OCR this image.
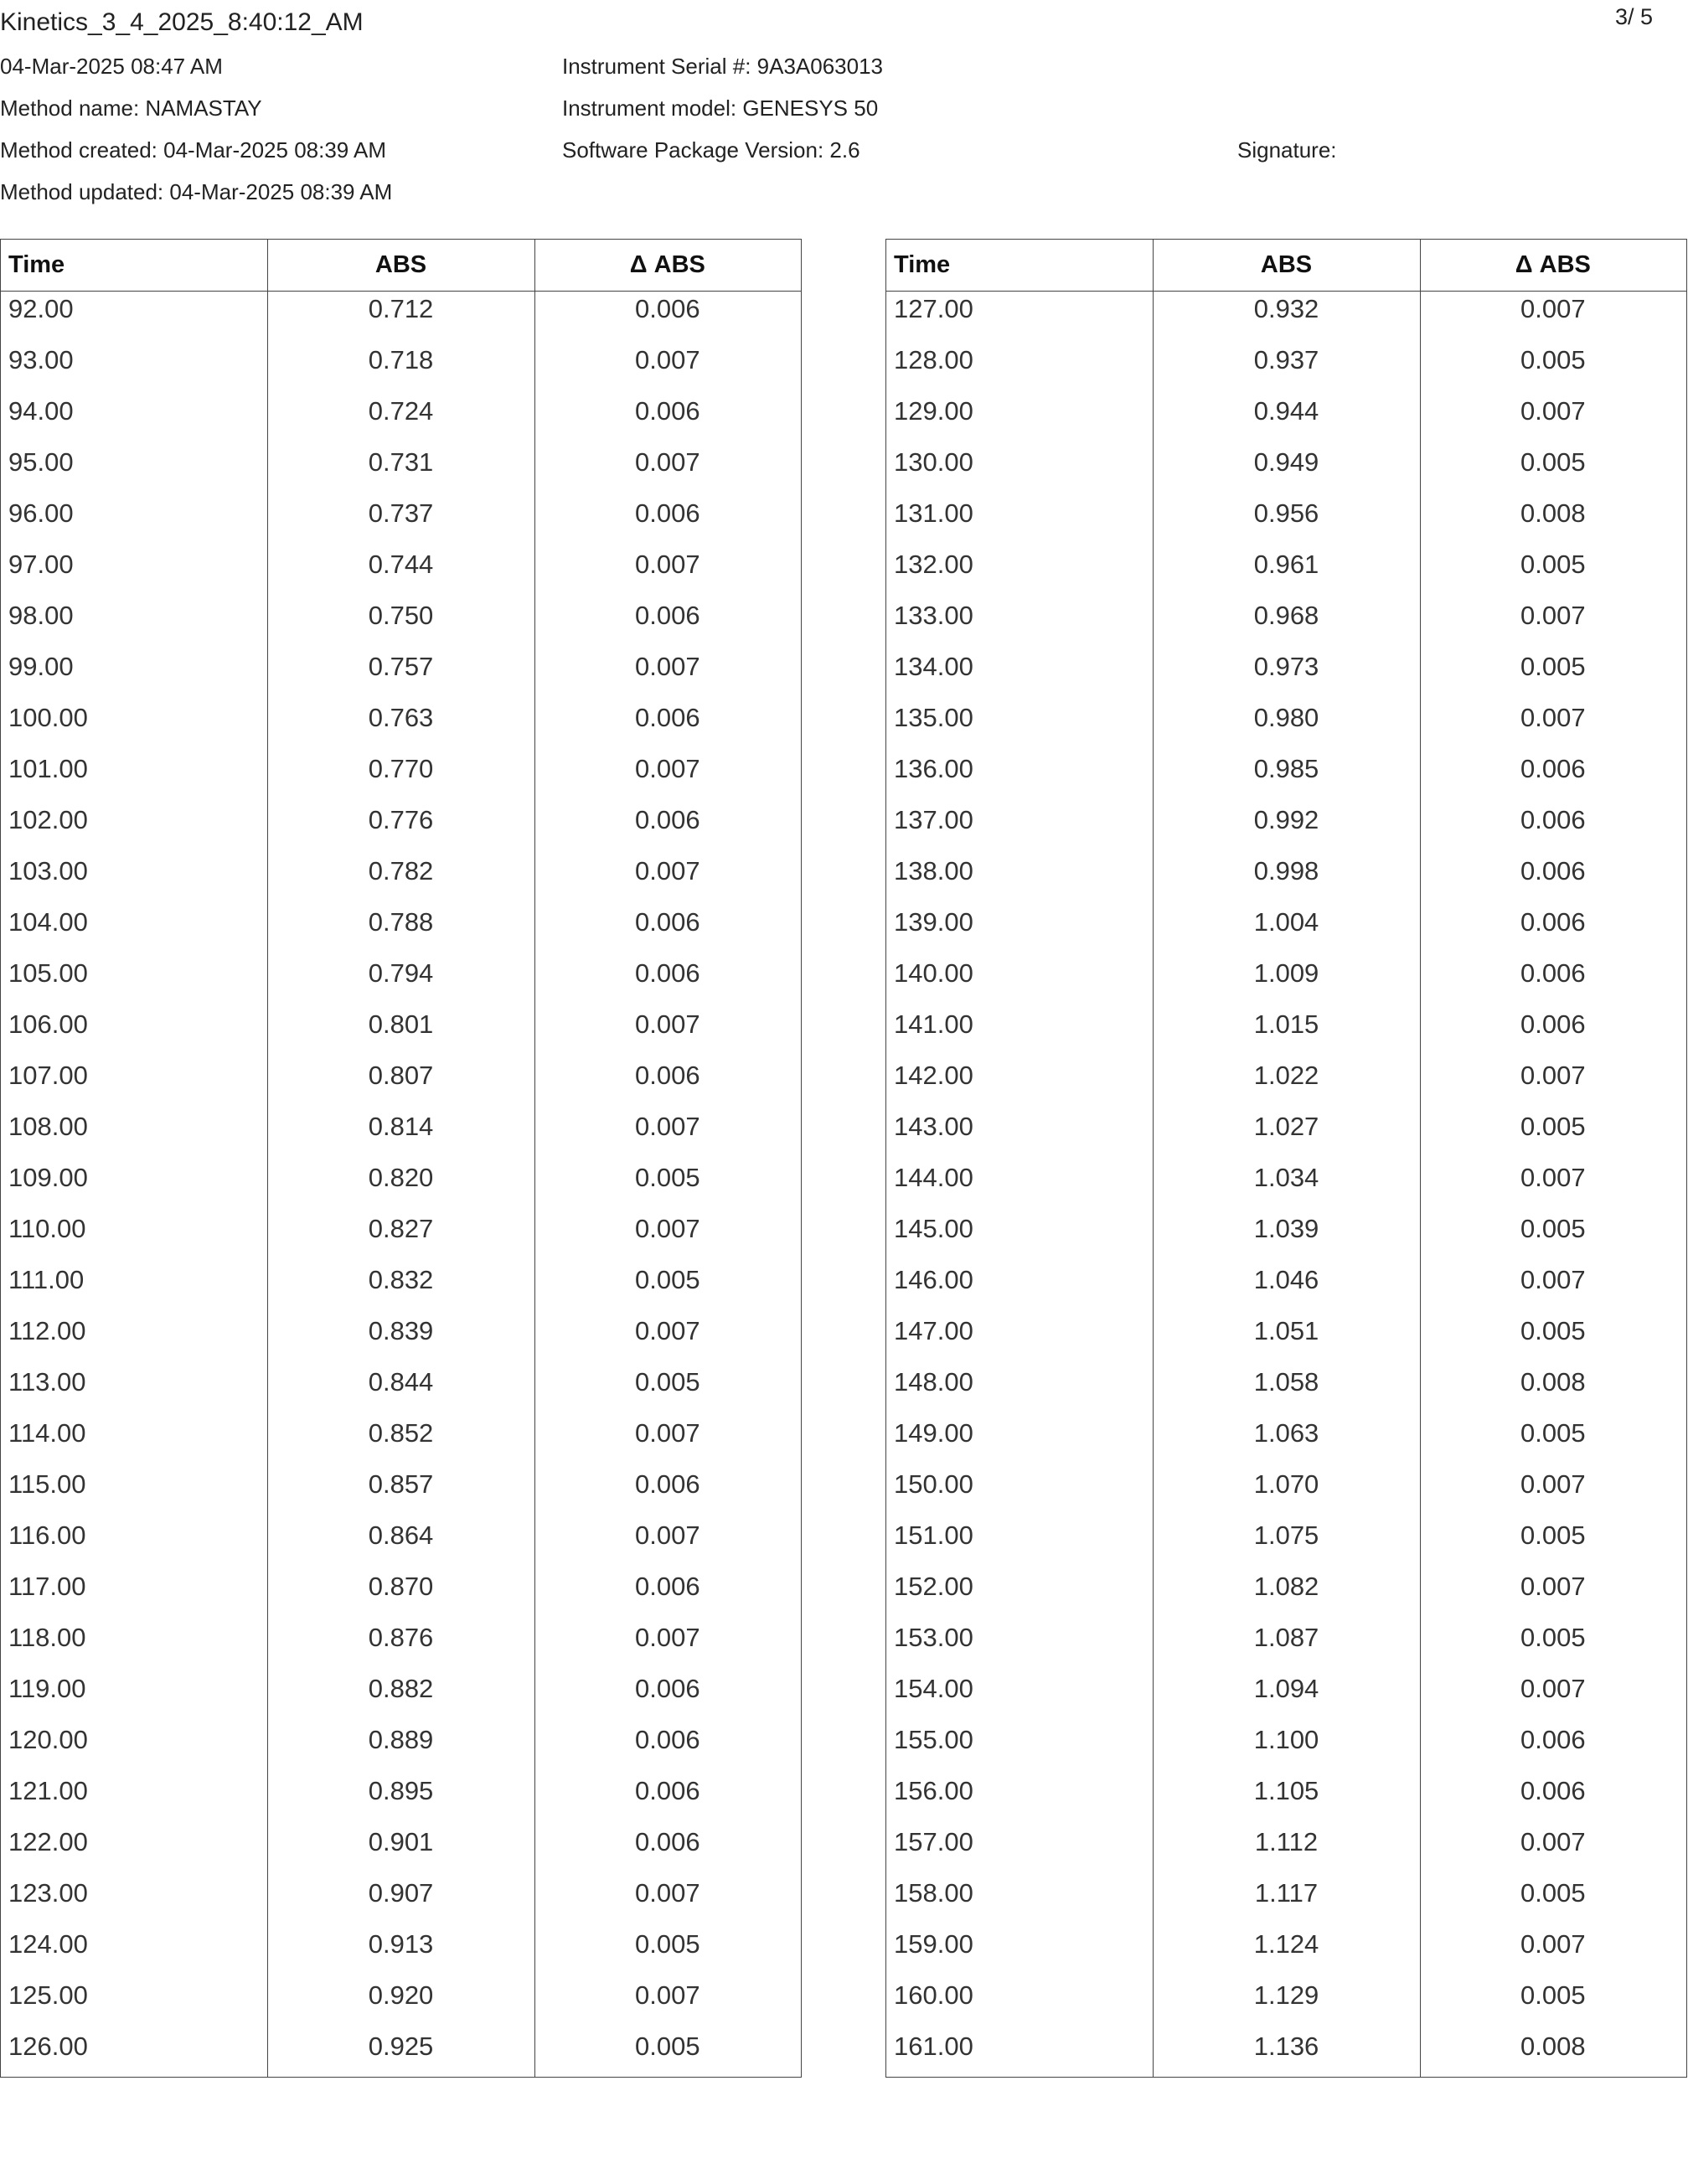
Kinetics_3_4_2025_8:40:12_AM	3/ 5
04-Mar-2025 08:47 AM
Method name: NAMASTAY
Method created: 04-Mar-2025 08:39 AM
Method updated: 04-Mar-2025 08:39 AM
Instrument Serial #: 9A3A063013
Instrument model: GENESYS 50
Software Package Version: 2.6	Signature:
Time	ABS	Δ ABS
92.00	0.712	0.006
93.00	0.718	0.007
94.00	0.724	0.006
95.00	0.731	0.007
96.00	0.737	0.006
97.00	0.744	0.007
98.00	0.750	0.006
99.00	0.757	0.007
100.00	0.763	0.006
101.00	0.770	0.007
102.00	0.776	0.006
103.00	0.782	0.007
104.00	0.788	0.006
105.00	0.794	0.006
106.00	0.801	0.007
107.00	0.807	0.006
108.00	0.814	0.007
109.00	0.820	0.005
110.00	0.827	0.007
111.00	0.832	0.005
112.00	0.839	0.007
113.00	0.844	0.005
114.00	0.852	0.007
115.00	0.857	0.006
116.00	0.864	0.007
117.00	0.870	0.006
118.00	0.876	0.007
119.00	0.882	0.006
120.00	0.889	0.006
121.00	0.895	0.006
122.00	0.901	0.006
123.00	0.907	0.007
124.00	0.913	0.005
125.00	0.920	0.007
126.00	0.925	0.005
Time	ABS	Δ ABS
127.00	0.932	0.007
128.00	0.937	0.005
129.00	0.944	0.007
130.00	0.949	0.005
131.00	0.956	0.008
132.00	0.961	0.005
133.00	0.968	0.007
134.00	0.973	0.005
135.00	0.980	0.007
136.00	0.985	0.006
137.00	0.992	0.006
138.00	0.998	0.006
139.00	1.004	0.006
140.00	1.009	0.006
141.00	1.015	0.006
142.00	1.022	0.007
143.00	1.027	0.005
144.00	1.034	0.007
145.00	1.039	0.005
146.00	1.046	0.007
147.00	1.051	0.005
148.00	1.058	0.008
149.00	1.063	0.005
150.00	1.070	0.007
151.00	1.075	0.005
152.00	1.082	0.007
153.00	1.087	0.005
154.00	1.094	0.007
155.00	1.100	0.006
156.00	1.105	0.006
157.00	1.112	0.007
158.00	1.117	0.005
159.00	1.124	0.007
160.00	1.129	0.005
161.00	1.136	0.008
